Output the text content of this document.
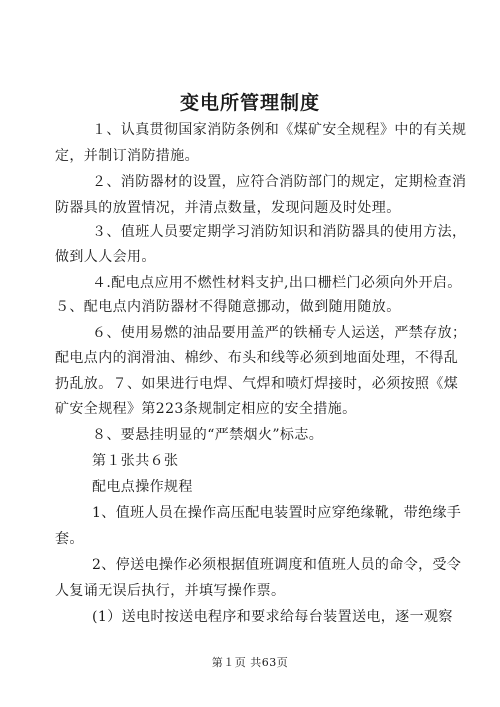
变电所管理制度
１、认真贯彻国家消防条例和《煤矿安全规程》中的有关规
定，并制订消防措施。
２、消防器材的设置，应符合消防部门的规定，定期检查消
防器具的放置情况，并清点数量，发现问题及时处理。
３、值班人员要定期学习消防知识和消防器具的使用方法，
做到人人会用。
４.配电点应用不燃性材料支护,出口栅栏门必须向外开启。
５、配电点内消防器材不得随意挪动，做到随用随放。
６、使用易燃的油品要用盖严的铁桶专人运送，严禁存放；
配电点内的润滑油、棉纱、布头和线等必须到地面处理，不得乱
扔乱放。７、如果进行电焊、气焊和喷灯焊接时，必须按照《煤
矿安全规程》第223条规制定相应的安全措施。
８、要悬挂明显的“严禁烟火”标志。
第１张共６张
配电点操作规程
1、值班人员在操作高压配电装置时应穿绝缘靴，带绝缘手
套。
2、停送电操作必须根据值班调度和值班人员的命令，受令
人复诵无误后执行，并填写操作票。
(1）送电时按送电程序和要求给每台装置送电，逐一观察
第１页 共63页
